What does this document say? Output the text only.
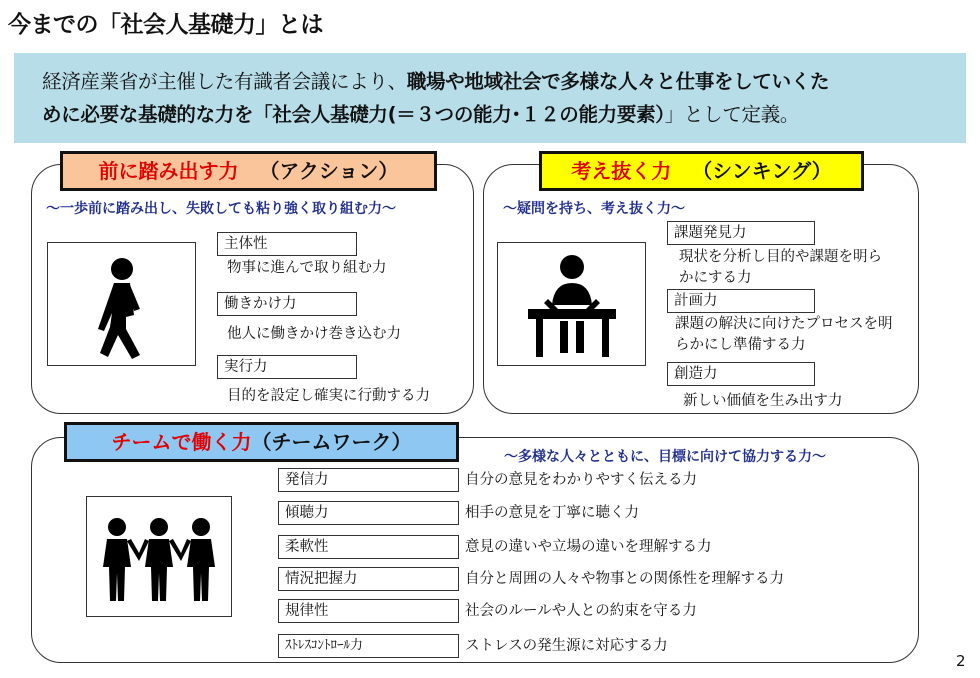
今までの「社会人基礎力」とは
経済産業省が主催した有識者会議により、職場や地域社会で多様な人々と仕事をしていくた
めに必要な基礎的な力を「社会人基礎力(＝３つの能力･１２の能力要素）」として定義。
前に踏み出す力 （アクション）
～一歩前に踏み出し、失敗しても粘り強く取り組む力～
主体性
物事に進んで取り組む力
働きかけ力
他人に働きかけ巻き込む力
実行力
目的を設定し確実に行動する力
考え抜く力 （シンキング）
～疑問を持ち、考え抜く力～
課題発見力
現状を分析し目的や課題を明ら
かにする力
計画力
課題の解決に向けたプロセスを明
らかにし準備する力
創造力
新しい価値を生み出す力
チームで働く力（チームワーク）
～多様な人々とともに、目標に向けて協力する力～
発信力
傾聴力
柔軟性
情況把握力
規律性
ｽﾄﾚｽｺﾝﾄﾛｰﾙ力
自分の意見をわかりやすく伝える力
相手の意見を丁寧に聴く力
意見の違いや立場の違いを理解する力
自分と周囲の人々や物事との関係性を理解する力
社会のルールや人との約束を守る力
ストレスの発生源に対応する力
2
